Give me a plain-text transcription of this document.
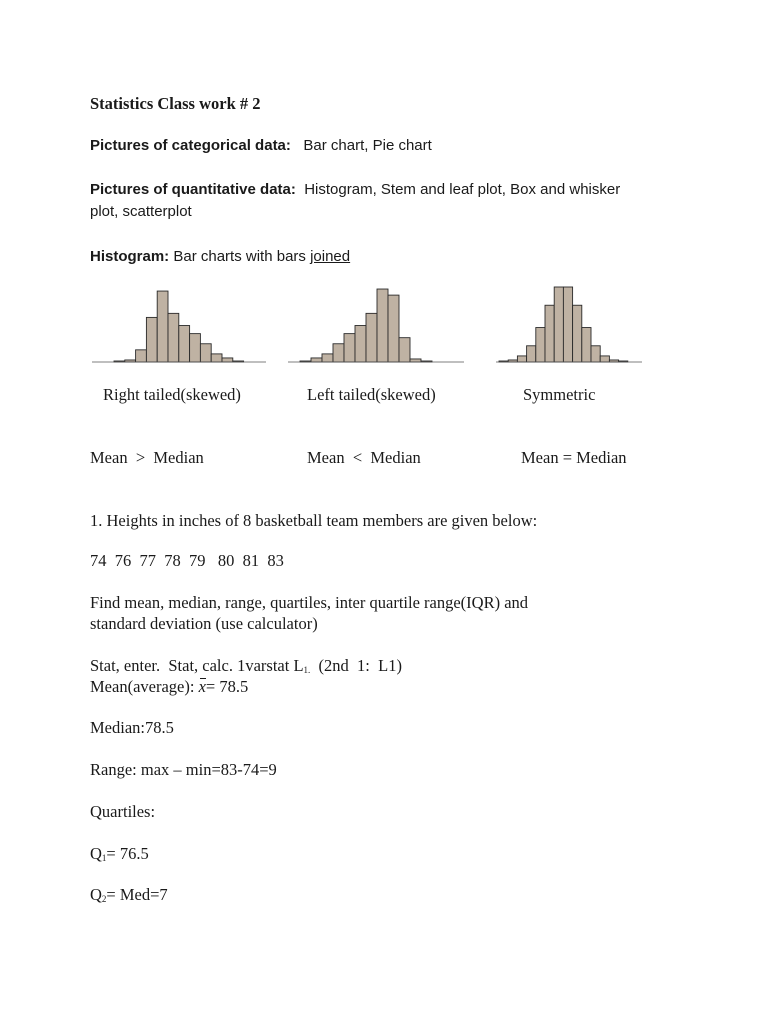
Statistics Class work # 2
Pictures of categorical data: Bar chart, Pie chart
Pictures of quantitative data: Histogram, Stem and leaf plot, Box and whisker
plot, scatterplot
Histogram: Bar charts with bars joined
Right tailed(skewed)	Left tailed(skewed)	Symmetric
Mean  >  Median	Mean  <  Median	Mean = Median
1. Heights in inches of 8 basketball team members are given below:
74  76  77  78  79   80  81  83
Find mean, median, range, quartiles, inter quartile range(IQR) and
standard deviation (use calculator)
Stat, enter.  Stat, calc. 1varstat $L_{1.}$  (2nd  1:  L1)
Mean(average): x= 78.5
Median:78.5
Range: max – min=83-74=9
Quartiles:
$Q_1= 76.5$
$Q_2= Med=7$
